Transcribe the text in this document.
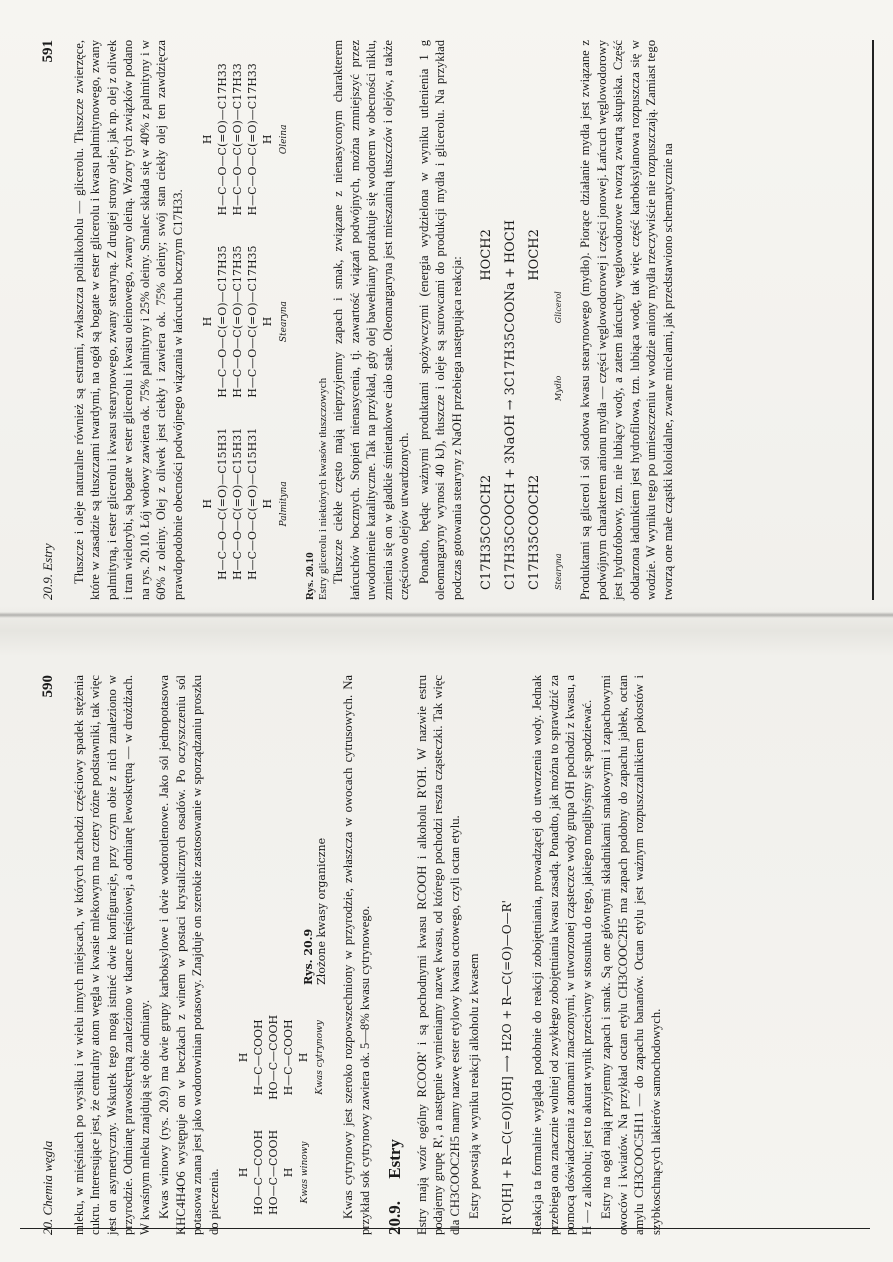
20.9. Estry
591 Tłuszcze i oleje naturalne również są estrami, zwłaszcza polialkoholu — glicerolu. Tłuszcze zwierzęce, które w zasadzie są tłuszczami twardymi, na ogół są bogate w ester glicerolu i kwasu palmitynowego, zwany palmityną, i ester glicerolu i kwasu stearynowego, zwany stearyną. Z drugiej strony oleje, jak np. olej z oliwek i tran wielorybi, są bogate w ester glicerolu i kwasu oleinowego, zwany oleiną. Wzory tych związków podano na rys. 20.10. Łój wołowy zawiera ok. 75% palmityny i 25% oleiny. Smalec składa się w 40% z palmityny i w 60% z oleiny. Olej z oliwek jest ciekły i zawiera ok. 75% oleiny; swój stan ciekły olej ten zawdzięcza prawdopodobnie obecności podwójnego wiązania w łańcuchu bocznym C17H33. H H—C—O—C(=O)—C15H31 H—C—O—C(=O)—C15H31 H—C—O—C(=O)—C15H31 H Palmityna
H H—C—O—C(=O)—C17H35 H—C—O—C(=O)—C17H35 H—C—O—C(=O)—C17H35 H Stearyna
H H—C—O—C(=O)—C17H33 H—C—O—C(=O)—C17H33 H—C—O—C(=O)—C17H33 H Oleina
Rys. 20.10 Estry glicerolu i niektórych kwasów tłuszczowych Tłuszcze ciekłe często mają nieprzyjemny zapach i smak, związane z nienasyconym charakterem łańcuchów bocznych. Stopień nienasycenia, tj. zawartość wiązań podwójnych, można zmniejszyć przez uwodornienie katalityczne. Tak na przykład, gdy olej bawełniany potraktuje się wodorem w obecności niklu, zmienia się on w gładkie śmietankowe ciało stałe. Oleomargaryna jest mieszaniną tłuszczów i olejów, a także częściowo olejów utwardzonych. Ponadto, będąc ważnymi produktami spożywczymi (energia wydzielona w wyniku utlenienia 1 g oleomargaryny wynosi 40 kJ), tłuszcze i oleje są surowcami do produkcji mydła i glicerolu. Na przykład podczas gotowania stearyny z NaOH przebiega następująca reakcja:	C17H35COOCH2 HOCH2 C17H35COOCH + 3NaOH → 3C17H35COONa + HOCH C17H35COOCH2 HOCH2
Stearyna Mydło Glicerol	Produktami są glicerol i sól sodowa kwasu stearynowego (mydło). Piorące działanie mydła jest związane z podwójnym charakterem anionu mydła — części węglowodorowej i części jonowej. Łańcuch węglowodorowy jest hydrofobowy, tzn. nie lubiący wody, a zatem łańcuchy węglowodorowe tworzą zwartą skupiska. Część obdarzona ładunkiem jest hydrofilowa, tzn. lubiąca wodę, tak więc część karboksylanowa rozpuszcza się w wodzie. W wyniku tego po umieszczeniu w wodzie aniony mydła rzeczywiście nie rozpuszczają. Zamiast tego tworzą one małe cząstki koloidalne, zwane micelami, jak przedstawiono schematycznie na

20. Chemia węgla
590 mleku, w mięśniach po wysiłku i w wielu innych miejscach, w których zachodzi częściowy spadek stężenia cukru. Interesujące jest, że centralny atom węgla w kwasie mlekowym ma cztery różne podstawniki, tak więc jest on asymetryczny. Wskutek tego mogą istnieć dwie konfiguracje, przy czym obie z nich znaleziono w przyrodzie. Odmianę prawoskrętną znaleziono w tkance mięśniowej, a odmianę lewoskrętną — w drożdżach. W kwaśnym mleku znajdują się obie odmiany. Kwas winowy (rys. 20.9) ma dwie grupy karboksylowe i dwie wodorotlenowe. Jako sól jednopotasowa KHC4H4O6 występuje on w beczkach z winem w postaci krystalicznych osadów. Po oczyszczeniu sól potasowa znana jest jako wodorowinian potasowy. Znajduje on szerokie zastosowanie w sporządzaniu proszku do pieczenia. H HO—C—COOH HO—C—COOH H Kwas winowy
H H—C—COOH HO—C—COOH H—C—COOH H Kwas cytrynowy
Rys. 20.9 Złożone kwasy organiczne Kwas cytrynowy jest szeroko rozpowszechniony w przyrodzie, zwłaszcza w owocach cytrusowych. Na przykład sok cytrynowy zawiera ok. 5—8% kwasu cytrynowego. 20.9. Estry Estry mają wzór ogólny RCOOR' i są pochodnymi kwasu RCOOH i alkoholu R'OH. W nazwie estru podajemy grupę R', a następnie wymieniamy nazwę kwasu, od którego pochodzi reszta cząsteczki. Tak więc dla CH3COOC2H5 mamy nazwę ester etylowy kwasu octowego, czyli octan etylu. Estry powstają w wyniku reakcji alkoholu z kwasem R'O[H] + R—C(=O)[OH] ⟶ H2O + R—C(=O)—O—R' Reakcja ta formalnie wygląda podobnie do reakcji zobojętniania, prowadzącej do utworzenia wody. Jednak przebiega ona znacznie wolniej od zwykłego zobojętniania kwasu zasadą. Ponadto, jak można to sprawdzić za pomocą doświadczenia z atomami znaczonymi, w utworzonej cząsteczce wody grupa OH pochodzi z kwasu, a H — z alkoholu; jest to akurat wynik przeciwny w stosunku do tego, jakiego moglibyśmy się spodziewać. Estry na ogół mają przyjemny zapach i smak. Są one głównymi składnikami smakowymi i zapachowymi owoców i kwiatów. Na przykład octan etylu CH3COOC2H5 ma zapach podobny do zapachu jabłek, octan amylu CH3COOC5H11 — do zapachu bananów. Octan etylu jest ważnym rozpuszczalnikiem pokostów i szybkoschnących lakierów samochodowych.
